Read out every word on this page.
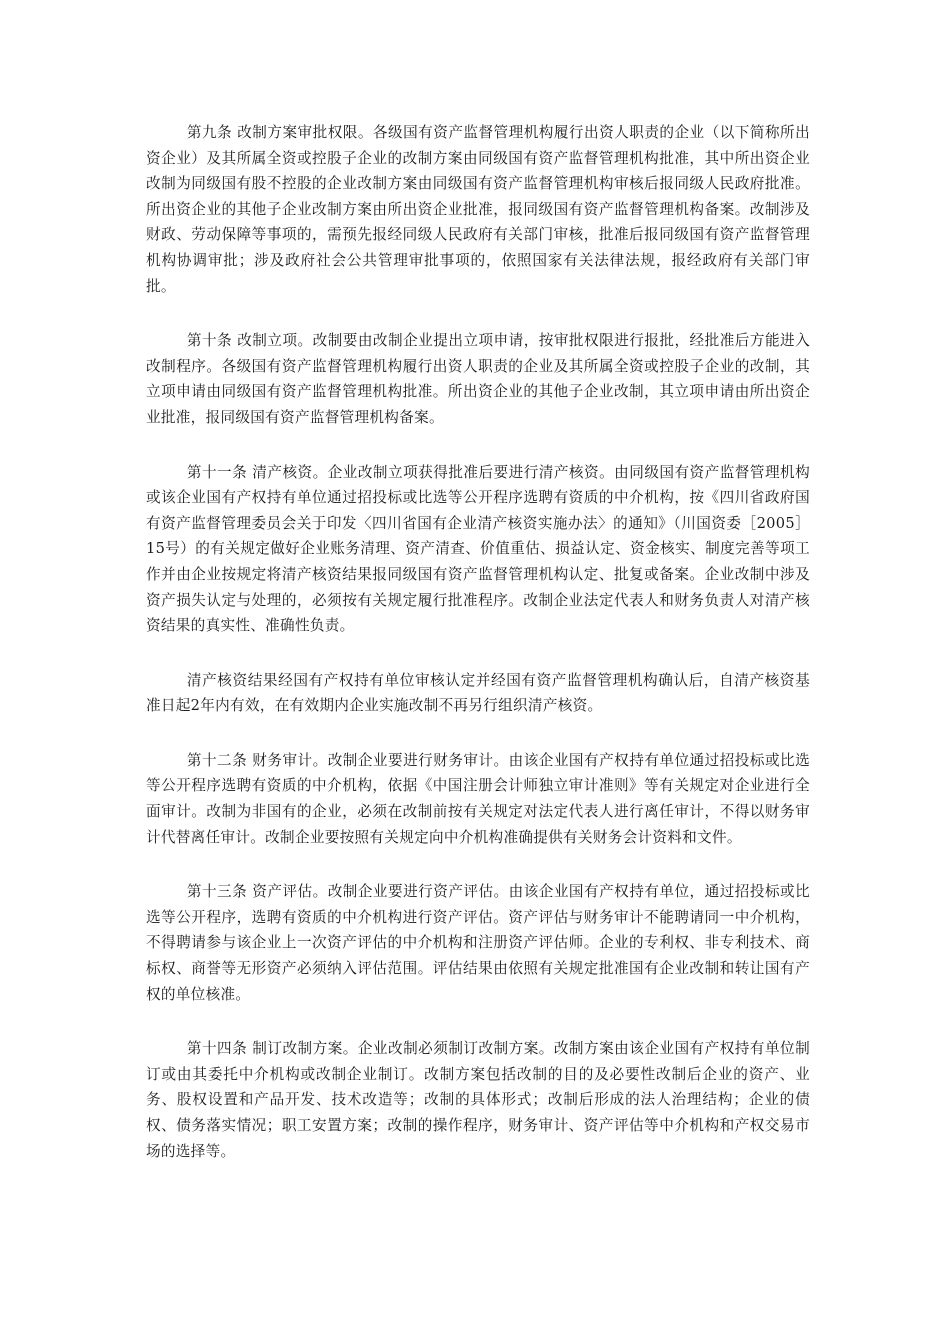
第九条 改制方案审批权限。各级国有资产监督管理机构履行出资人职责的企业（以下简称所出资企业）及其所属全资或控股子企业的改制方案由同级国有资产监督管理机构批准，其中所出资企业改制为同级国有股不控股的企业改制方案由同级国有资产监督管理机构审核后报同级人民政府批准。所出资企业的其他子企业改制方案由所出资企业批准，报同级国有资产监督管理机构备案。改制涉及财政、劳动保障等事项的，需预先报经同级人民政府有关部门审核，批准后报同级国有资产监督管理机构协调审批；涉及政府社会公共管理审批事项的，依照国家有关法律法规，报经政府有关部门审批。

第十条 改制立项。改制要由改制企业提出立项申请，按审批权限进行报批，经批准后方能进入改制程序。各级国有资产监督管理机构履行出资人职责的企业及其所属全资或控股子企业的改制，其立项申请由同级国有资产监督管理机构批准。所出资企业的其他子企业改制，其立项申请由所出资企业批准，报同级国有资产监督管理机构备案。

第十一条 清产核资。企业改制立项获得批准后要进行清产核资。由同级国有资产监督管理机构或该企业国有产权持有单位通过招投标或比选等公开程序选聘有资质的中介机构，按《四川省政府国有资产监督管理委员会关于印发〈四川省国有企业清产核资实施办法〉的通知》（川国资委［2005］15号）的有关规定做好企业账务清理、资产清查、价值重估、损益认定、资金核实、制度完善等项工作并由企业按规定将清产核资结果报同级国有资产监督管理机构认定、批复或备案。企业改制中涉及资产损失认定与处理的，必须按有关规定履行批准程序。改制企业法定代表人和财务负责人对清产核资结果的真实性、准确性负责。

清产核资结果经国有产权持有单位审核认定并经国有资产监督管理机构确认后，自清产核资基准日起2年内有效，在有效期内企业实施改制不再另行组织清产核资。

第十二条 财务审计。改制企业要进行财务审计。由该企业国有产权持有单位通过招投标或比选等公开程序选聘有资质的中介机构，依据《中国注册会计师独立审计准则》等有关规定对企业进行全面审计。改制为非国有的企业，必须在改制前按有关规定对法定代表人进行离任审计，不得以财务审计代替离任审计。改制企业要按照有关规定向中介机构准确提供有关财务会计资料和文件。

第十三条 资产评估。改制企业要进行资产评估。由该企业国有产权持有单位，通过招投标或比选等公开程序，选聘有资质的中介机构进行资产评估。资产评估与财务审计不能聘请同一中介机构，不得聘请参与该企业上一次资产评估的中介机构和注册资产评估师。企业的专利权、非专利技术、商标权、商誉等无形资产必须纳入评估范围。评估结果由依照有关规定批准国有企业改制和转让国有产权的单位核准。

第十四条 制订改制方案。企业改制必须制订改制方案。改制方案由该企业国有产权持有单位制订或由其委托中介机构或改制企业制订。改制方案包括改制的目的及必要性改制后企业的资产、业务、股权设置和产品开发、技术改造等；改制的具体形式；改制后形成的法人治理结构；企业的债权、债务落实情况；职工安置方案；改制的操作程序，财务审计、资产评估等中介机构和产权交易市场的选择等。
